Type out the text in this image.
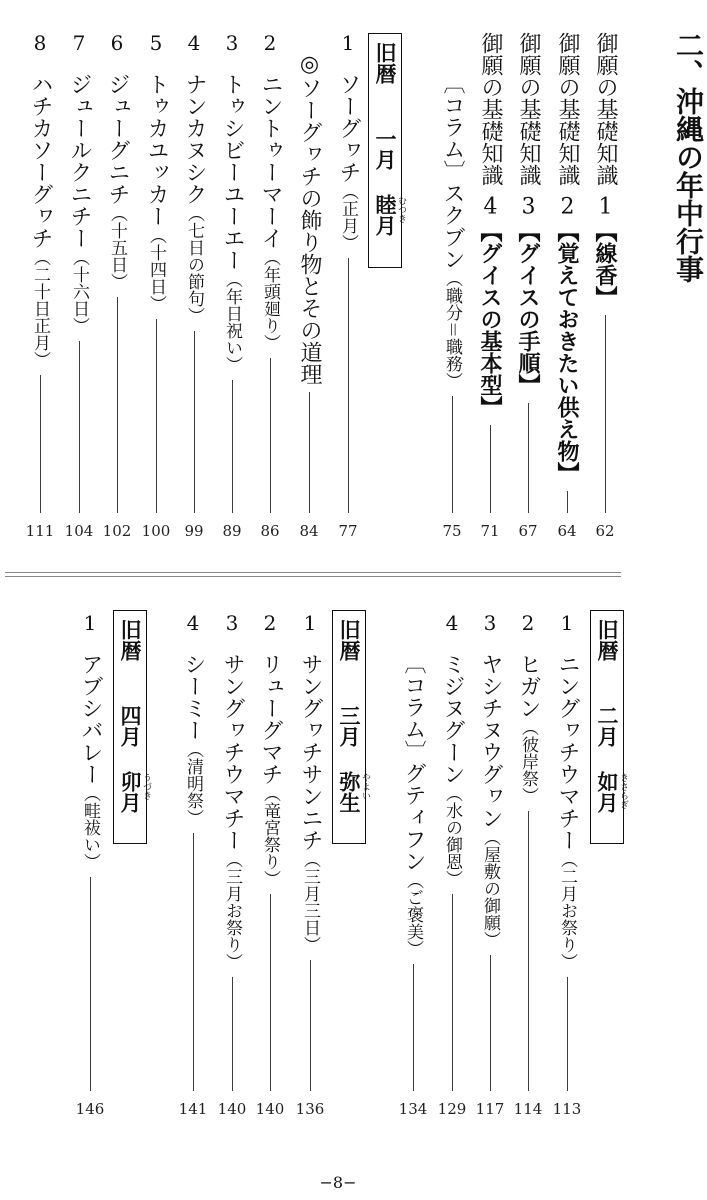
二、沖縄の年中行事
御願の基礎知識1【線香】
62
御願の基礎知識2【覚えておきたい供え物】
64
御願の基礎知識3【グイスの手順】
67
御願の基礎知識4【グイスの基本型】
71
〔コラム〕スクブン（職分＝職務）
75
旧暦
一月
睦月 むつき
1
ソーグヮチ（正月）
77
◎ソーグヮチの飾り物とその道理
84
2
ニントゥーマーイ（年頭廻り）
86
3
トゥシビーユーエー（年日祝い）
89
4
ナンカヌシク（七日の節句）
99
5
トゥカユッカー（十四日）
100
6
ジューグニチ（十五日）
102
7
ジュールクニチー（十六日）
104
8
ハチカソーグヮチ（二十日正月）
111
旧暦
二月
如月 きさらぎ
1
ニングヮチウマチー（二月お祭り）
113
2
ヒガン（彼岸祭）
114
3
ヤシチヌウグヮン（屋敷の御願）
117
4
ミジヌグーン（水の御恩）
129
〔コラム〕グティフン（ご褒美）
134
旧暦
三月
弥生 やよい
1
サングヮチサンニチ（三月三日）
136
2
リューグマチ（竜宮祭り）
140
3
サングヮチウマチー（三月お祭り）
140
4
シーミー（清明祭）
141
旧暦
四月
卯月 うづき
1
アブシバレー（畦祓い）
146
−8−
